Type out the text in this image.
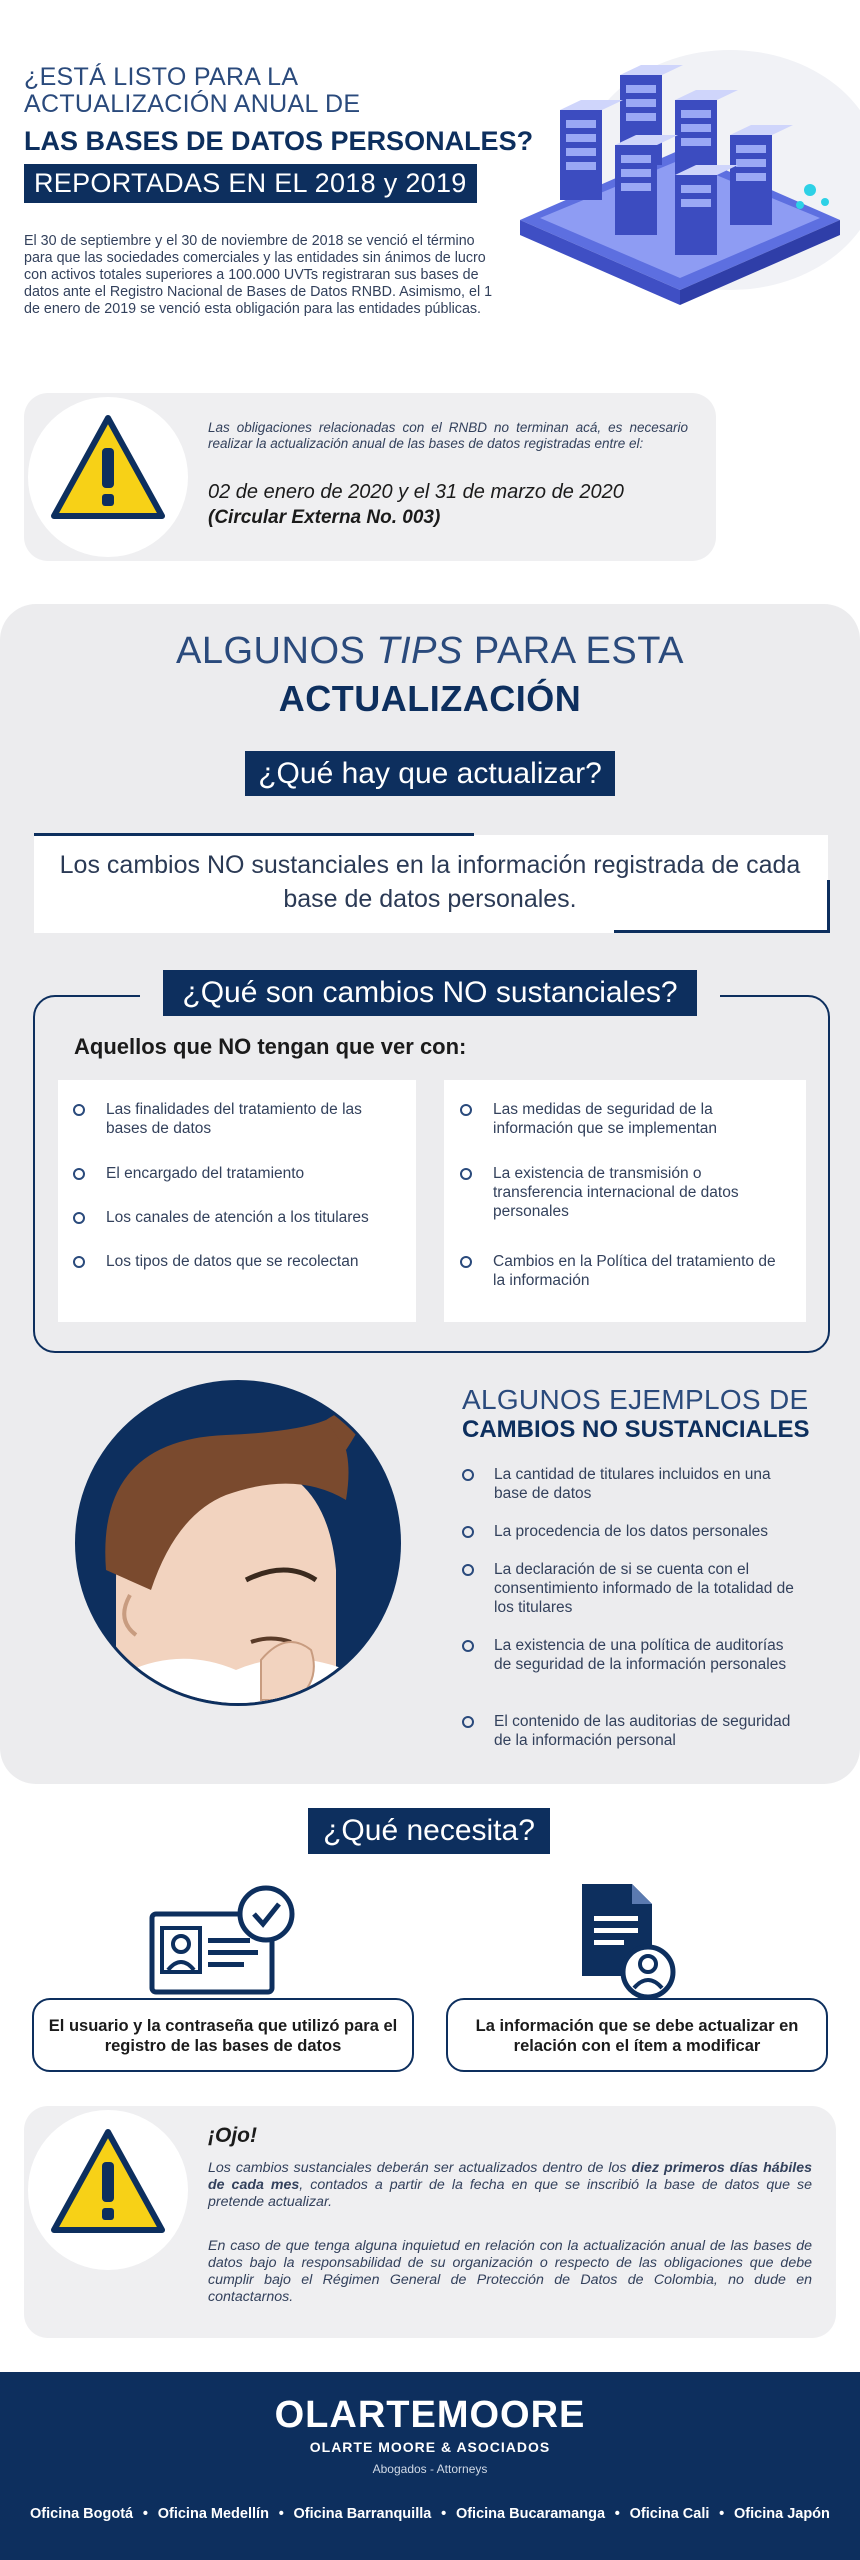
¿ESTÁ LISTO PARA LA
ACTUALIZACIÓN ANUAL DE
LAS BASES DE DATOS PERSONALES?
REPORTADAS EN EL 2018 y 2019
El 30 de septiembre y el 30 de noviembre de 2018 se venció el término para que las sociedades comerciales y las entidades sin ánimos de lucro con activos totales superiores a 100.000 UVTs registraran sus bases de datos ante el Registro Nacional de Bases de Datos RNBD. Asimismo, el 1 de enero de 2019 se venció esta obligación para las entidades públicas.
Las obligaciones relacionadas con el RNBD no terminan acá, es necesario realizar la actualización anual de las bases de datos registradas entre el:
02 de enero de 2020 y el 31 de marzo de 2020
(Circular Externa No. 003)
ALGUNOS TIPS PARA ESTA
ACTUALIZACIÓN
¿Qué hay que actualizar?
Los cambios NO sustanciales en la información registrada de cada base de datos personales.
¿Qué son cambios NO sustanciales?
Aquellos que NO tengan que ver con:
Las finalidades del tratamiento de las bases de datos
El encargado del tratamiento
Los canales de atención a los titulares
Los tipos de datos que se recolectan
Las medidas de seguridad de la información que se implementan
La existencia de transmisión o transferencia internacional de datos personales
Cambios en la Política del tratamiento de la información
ALGUNOS EJEMPLOS DE
CAMBIOS NO SUSTANCIALES
La cantidad de titulares incluidos en una base de datos
La procedencia de los datos personales
La declaración de si se cuenta con el consentimiento informado de la totalidad de los titulares
La existencia de una política de auditorías de seguridad de la información personales
El contenido de las auditorias de seguridad de la información personal
¿Qué necesita?
El usuario y la contraseña que utilizó para el registro de las bases de datos
La información que se debe actualizar en relación con el ítem a modificar
¡Ojo!
Los cambios sustanciales deberán ser actualizados dentro de los diez primeros días hábiles de cada mes, contados a partir de la fecha en que se inscribió la base de datos que se pretende actualizar.
En caso de que tenga alguna inquietud en relación con la actualización anual de las bases de datos bajo la responsabilidad de su organización o respecto de las obligaciones que debe cumplir bajo el Régimen General de Protección de Datos de Colombia, no dude en contactarnos.
OLARTEMOORE
OLARTE MOORE & ASOCIADOS
Abogados - Attorneys
Oficina Bogotá • Oficina Medellín • Oficina Barranquilla • Oficina Bucaramanga • Oficina Cali • Oficina Japón
